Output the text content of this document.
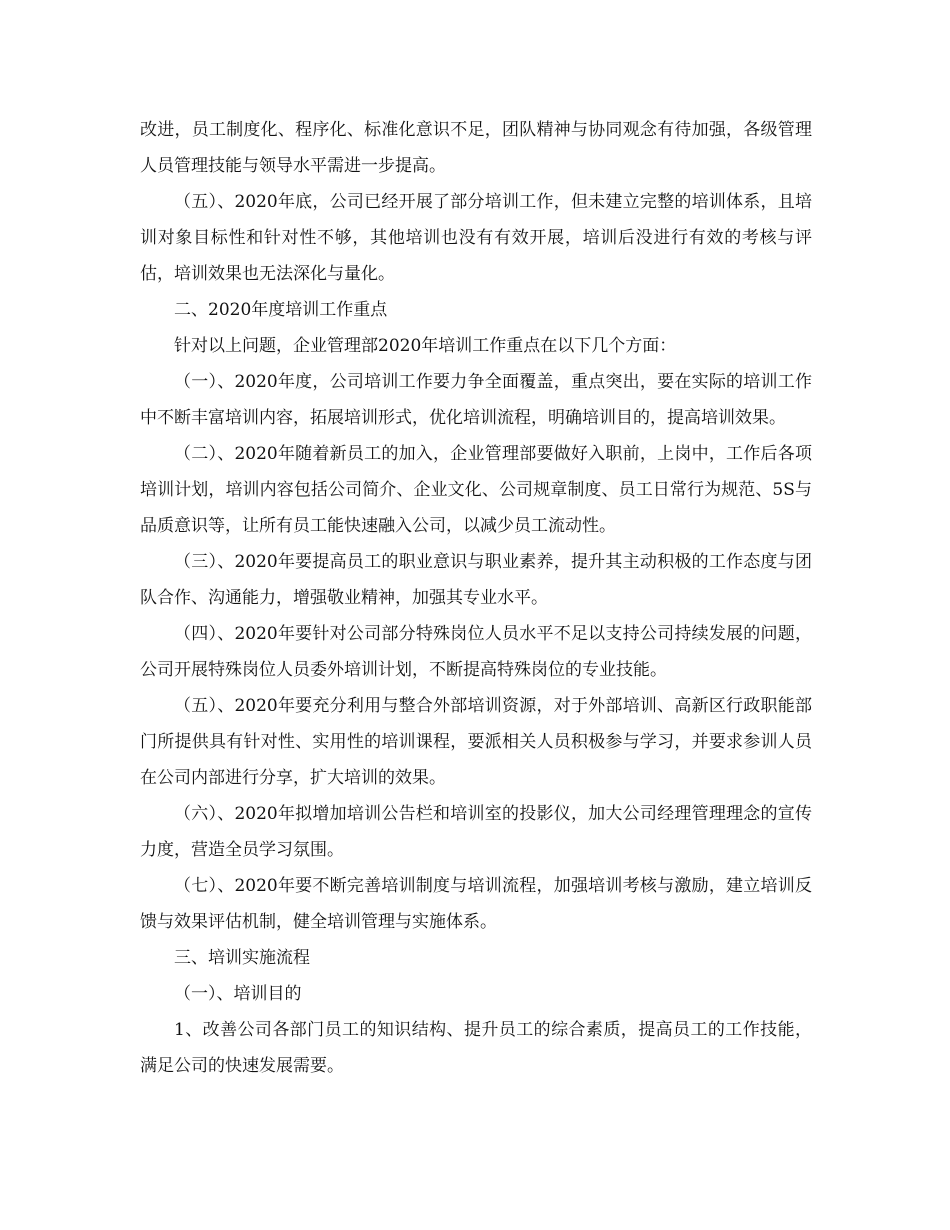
改进，员工制度化、程序化、标准化意识不足，团队精神与协同观念有待加强，各级管理人员管理技能与领导水平需进一步提高。

（五）、2020年底，公司已经开展了部分培训工作，但未建立完整的培训体系，且培训对象目标性和针对性不够，其他培训也没有有效开展，培训后没进行有效的考核与评估，培训效果也无法深化与量化。

二、2020年度培训工作重点

针对以上问题，企业管理部2020年培训工作重点在以下几个方面：

（一）、2020年度，公司培训工作要力争全面覆盖，重点突出，要在实际的培训工作中不断丰富培训内容，拓展培训形式，优化培训流程，明确培训目的，提高培训效果。

（二）、2020年随着新员工的加入，企业管理部要做好入职前，上岗中，工作后各项培训计划，培训内容包括公司简介、企业文化、公司规章制度、员工日常行为规范、5S与品质意识等，让所有员工能快速融入公司，以减少员工流动性。

（三）、2020年要提高员工的职业意识与职业素养，提升其主动积极的工作态度与团队合作、沟通能力，增强敬业精神，加强其专业水平。

（四）、2020年要针对公司部分特殊岗位人员水平不足以支持公司持续发展的问题，公司开展特殊岗位人员委外培训计划，不断提高特殊岗位的专业技能。

（五）、2020年要充分利用与整合外部培训资源，对于外部培训、高新区行政职能部门所提供具有针对性、实用性的培训课程，要派相关人员积极参与学习，并要求参训人员在公司内部进行分享，扩大培训的效果。

（六）、2020年拟增加培训公告栏和培训室的投影仪，加大公司经理管理理念的宣传力度，营造全员学习氛围。

（七）、2020年要不断完善培训制度与培训流程，加强培训考核与激励，建立培训反馈与效果评估机制，健全培训管理与实施体系。

三、培训实施流程

（一）、培训目的

1、改善公司各部门员工的知识结构、提升员工的综合素质，提高员工的工作技能，满足公司的快速发展需要。
